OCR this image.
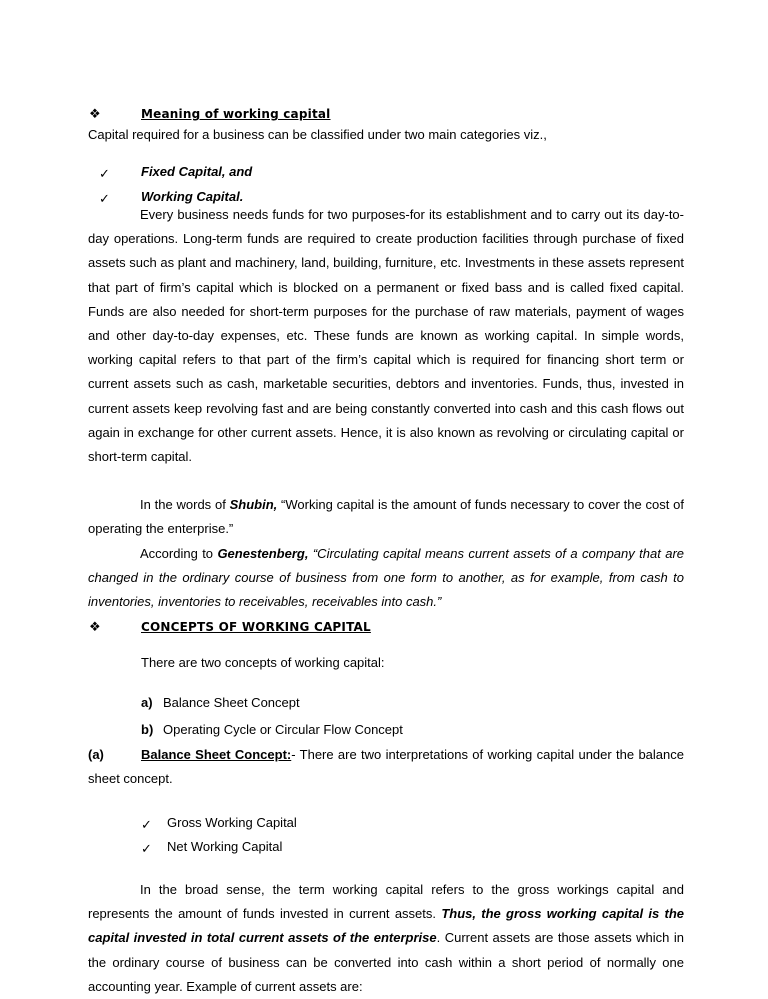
❖	Meaning of working capital
Capital required for a business can be classified under two main categories viz.,
✓ Fixed Capital, and
✓ Working Capital.

Every business needs funds for two purposes-for its establishment and to carry out its day-to-day operations. Long-term funds are required to create production facilities through purchase of fixed assets such as plant and machinery, land, building, furniture, etc. Investments in these assets represent that part of firm’s capital which is blocked on a permanent or fixed bass and is called fixed capital. Funds are also needed for short-term purposes for the purchase of raw materials, payment of wages and other day-to-day expenses, etc. These funds are known as working capital. In simple words, working capital refers to that part of the firm’s capital which is required for financing short term or current assets such as cash, marketable securities, debtors and inventories. Funds, thus, invested in current assets keep revolving fast and are being constantly converted into cash and this cash flows out again in exchange for other current assets. Hence, it is also known as revolving or circulating capital or short-term capital.

In the words of Shubin, “Working capital is the amount of funds necessary to cover the cost of operating the enterprise.”

According to Genestenberg, “Circulating capital means current assets of a company that are changed in the ordinary course of business from one form to another, as for example, from cash to inventories, inventories to receivables, receivables into cash.”

❖	CONCEPTS OF WORKING CAPITAL
There are two concepts of working capital:
a) Balance Sheet Concept
b) Operating Cycle or Circular Flow Concept

(a)	Balance Sheet Concept:- There are two interpretations of working capital under the balance sheet concept.

✓ Gross Working Capital
✓ Net Working Capital

In the broad sense, the term working capital refers to the gross workings capital and represents the amount of funds invested in current assets. Thus, the gross working capital is the capital invested in total current assets of the enterprise. Current assets are those assets which in the ordinary course of business can be converted into cash within a short period of normally one accounting year. Example of current assets are:
